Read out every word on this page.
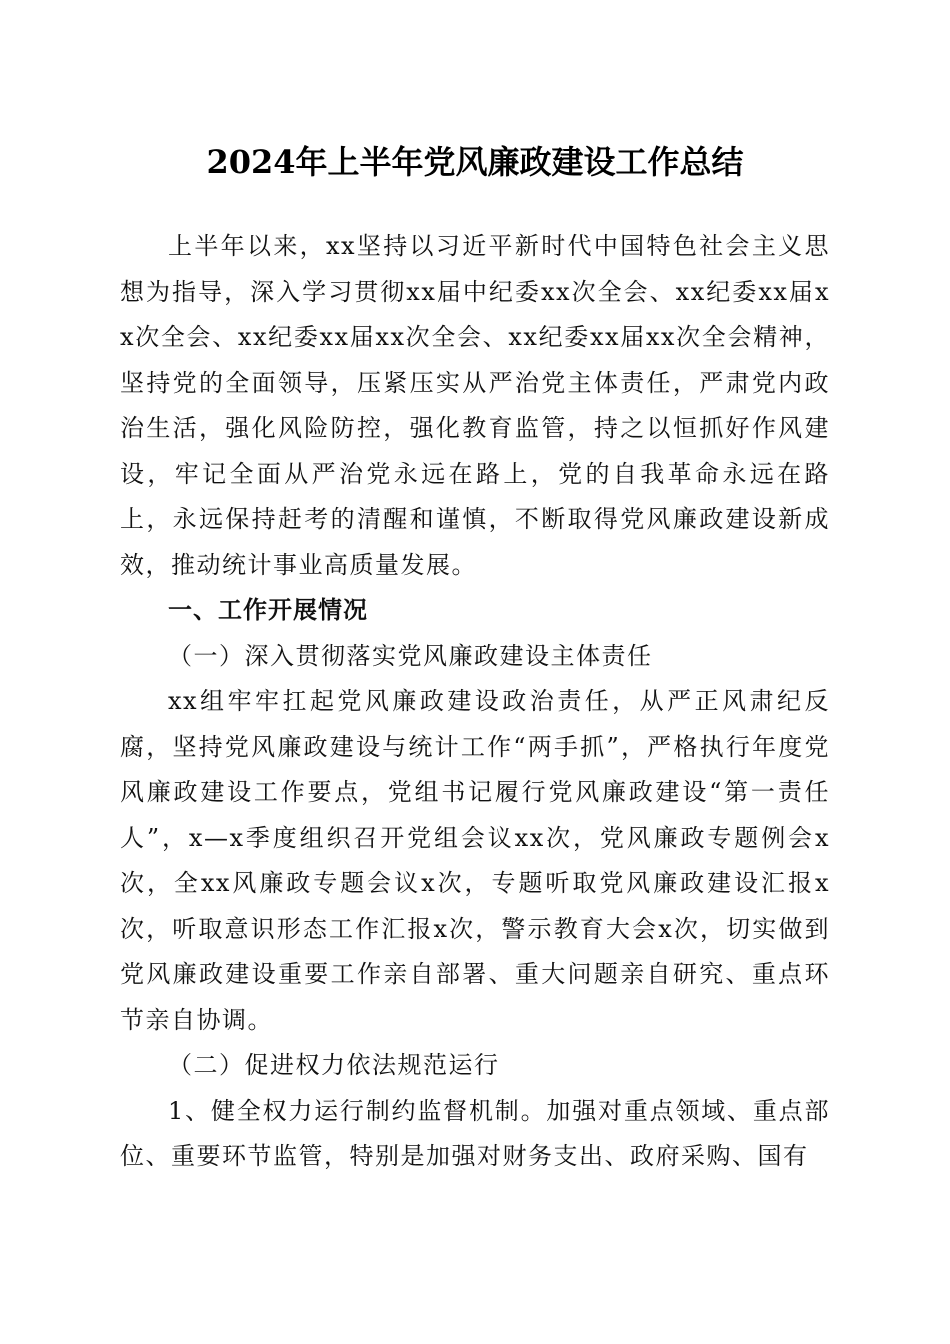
2024年上半年党风廉政建设工作总结

上半年以来，xx坚持以习近平新时代中国特色社会主义思想为指导，深入学习贯彻xx届中纪委xx次全会、xx纪委xx届xx次全会、xx纪委xx届xx次全会、xx纪委xx届xx次全会精神，坚持党的全面领导，压紧压实从严治党主体责任，严肃党内政治生活，强化风险防控，强化教育监管，持之以恒抓好作风建设，牢记全面从严治党永远在路上，党的自我革命永远在路上，永远保持赶考的清醒和谨慎，不断取得党风廉政建设新成效，推动统计事业高质量发展。

一、工作开展情况

（一）深入贯彻落实党风廉政建设主体责任

xx组牢牢扛起党风廉政建设政治责任，从严正风肃纪反腐，坚持党风廉政建设与统计工作“两手抓”，严格执行年度党风廉政建设工作要点，党组书记履行党风廉政建设“第一责任人”，x—x季度组织召开党组会议xx次，党风廉政专题例会x次，全xx风廉政专题会议x次，专题听取党风廉政建设汇报x次，听取意识形态工作汇报x次，警示教育大会x次，切实做到党风廉政建设重要工作亲自部署、重大问题亲自研究、重点环节亲自协调。

（二）促进权力依法规范运行

1、健全权力运行制约监督机制。加强对重点领域、重点部位、重要环节监管，特别是加强对财务支出、政府采购、国有
